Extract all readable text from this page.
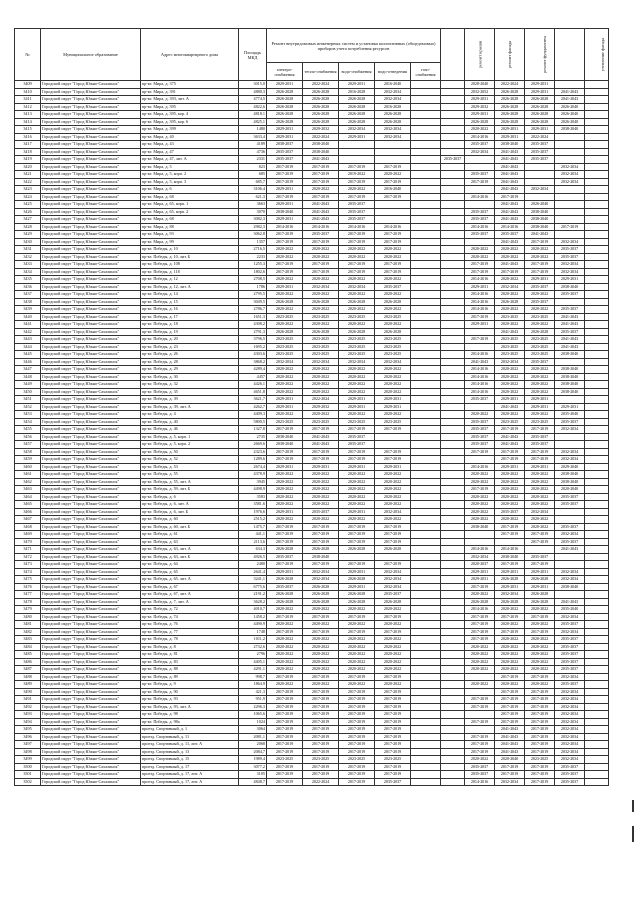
№	Муниципальное образование	Адрес многоквартирного дома	Площадь МКД	Ремонт внутридомовых инженерных систем и установка коллективных (общедомовых) приборов учета потребления ресурсов						ремонт крыши	ремонт фасада	ремонт фундамента		утепление фасада
				электро-снабжения	тепло-снабжения	водо-снабжения	водо-отведения	газо-снабжения						
3409	Городской округ "Город Южно-Сахалинск"	пр-кт. Мира, д. 375	3015,0	2029-2031	2022-2024	2029-2031	2016-2040			2028-2040	2022-2024	2029-2031		
3410	Городской округ "Город Южно-Сахалинск"	пр-кт. Мира, д. 391	4880,3	2026-2028	2026-2028	2016-2028	2032-2034			2032-2052	2026-2028	2029-2031	2041-2043	
3411	Городской округ "Город Южно-Сахалинск"	пр-кт. Мира, д. 393, лит. А	4774,5	2026-2028	2026-2028	2026-2028	2032-2034			2029-2031	2026-2028	2026-2028	2041-2043	
3412	Городской округ "Город Южно-Сахалинск"	пр-кт. Мира, д. 395	4822,6	2026-2028	2026-2028	2026-2028	2016-2028			2029-2032	2026-2028	2026-2028	2026-2040	
3413	Городской округ "Город Южно-Сахалинск"	пр-кт. Мира, д. 395, кор. 4	4818,1	2026-2028	2026-2028	2026-2028	2026-2028			2029-2031	2026-2028	2026-2028	2026-2040	
3414	Городской округ "Город Южно-Сахалинск"	пр-кт. Мира, д. 395, кор. 6	4825,1	2026-2028	2026-2028	2026-2028	2026-2028			2026-2028	2026-2028	2026-2028	2026-2040	
3415	Городской округ "Город Южно-Сахалинск"	пр-кт. Мира, д. 399	1480	2029-2031	2029-2032	2032-2034	2032-2034			2020-2022	2029-2031	2029-2031	2038-2040	
3416	Городской округ "Город Южно-Сахалинск"	пр-кт. Мира, д. 40	3633,4	2029-2031	2022-2024	2029-2031	2032-2034			2014-2016	2029-2031	2022-2024		
3417	Городской округ "Город Южно-Сахалинск"	пр-кт. Мира, д. 43	4189	2038-2037	2038-2040					2035-2037	2038-2040	2035-2037		
3418	Городской округ "Город Южно-Сахалинск"	пр-кт. Мира, д. 47	4736	2035-2037	2038-2040					2032-2034	2041-2043	2035-2037		
3419	Городской округ "Город Южно-Сахалинск"	пр-кт. Мира, д. 47, лит. А	2331	2035-2037	2041-2043				2035-2037		2041-2043	2035-2037		
3420	Городской округ "Город Южно-Сахалинск"	пр-кт. Мира, д. 5	823	2017-2019	2017-2019	2017-2019	2017-2019				2041-2043		2032-2034	
3421	Городской округ "Город Южно-Сахалинск"	пр-кт. Мира, д. 5, корп. 2	685	2017-2019	2017-2019	2019-2022	2020-2022			2035-2037	2041-2043		2032-2034	
3422	Городской округ "Город Южно-Сахалинск"	пр-кт. Мира, д. 5, корп. 3	685,7	2017-2019	2017-2019	2017-2019	2017-2019			2017-2019	2041-2043		2032-2034	
3423	Городской округ "Город Южно-Сахалинск"	пр-кт. Мира, д. 6	3106,4	2029-2031	2020-2022	2020-2022	2016-2040				2041-2043	2032-2034		
3424	Городской округ "Город Южно-Сахалинск"	пр-кт. Мира, д. 68	621,3	2017-2019	2017-2019	2017-2019	2017-2019			2014-2016	2017-2019			
3425	Городской округ "Город Южно-Сахалинск"	пр-кт. Мира, д. 65, корп. 1	3663	2029-2031	2041-2043	2035-2037					2041-2043	2026-2040		
3426	Городской округ "Город Южно-Сахалинск"	пр-кт. Мира, д. 65, корп. 2	3070	2038-2040	2041-2043	2035-2037				2035-2037	2041-2043	2038-2040		
3427	Городской округ "Город Южно-Сахалинск"	пр-кт. Мира, д. 68	3082,3	2029-2031	2041-2043	2035-2037				2035-2037	2041-2043	2038-2040		
3428	Городской округ "Город Южно-Сахалинск"	пр-кт. Мира, д. 88	2982,3	2014-2016	2014-2016	2014-2016	2014-2016			2014-2016	2014-2016	2038-2040	2017-2019	
3429	Городской округ "Город Южно-Сахалинск"	пр-кт. Мира, д. 93	3062,8	2017-2019	2035-2037	2017-2019	2017-2019			2035-2037	2035-2037	2041-2043		
3430	Городской округ "Город Южно-Сахалинск"	пр-кт. Мира, д. 99	1357	2017-2019	2017-2019	2017-2019	2017-2019				2041-2043	2017-2019	2032-2034	
3431	Городской округ "Город Южно-Сахалинск"	пр-кт. Победы, д. 10	2716,5	2020-2022	2020-2022	2020-2022	2020-2022			2020-2022	2020-2022	2020-2022	2035-2037	
3432	Городской округ "Город Южно-Сахалинск"	пр-кт. Победы, д. 10, лит. Б	2233	2020-2022	2020-2022	2020-2022	2020-2022			2020-2022	2020-2022	2020-2022	2035-2037	
3433	Городской округ "Город Южно-Сахалинск"	пр-кт. Победы, д. 108	1255,3	2017-2019	2017-2019	2017-2019	2017-2019			2017-2019	2041-2043	2017-2019	2032-2034	
3434	Городской округ "Город Южно-Сахалинск"	пр-кт. Победы, д. 118	1802,6	2017-2019	2017-2019	2017-2019	2017-2019			2017-2019	2017-2019	2017-2019	2032-2034	
3435	Городской округ "Город Южно-Сахалинск"	пр-кт. Победы, д. 12	2708,5	2020-2022	2020-2022	2020-2022	2020-2022			2014-2016	2020-2022	2029-2031	2029-2031	
3436	Городской округ "Город Южно-Сахалинск"	пр-кт. Победы, д. 12, лит. А	1786	2029-2031	2032-2034	2032-2034	2035-2037			2029-2031	2032-2034	2035-2037	2038-2040	
3437	Городской округ "Город Южно-Сахалинск"	пр-кт. Победы, д. 14	2795,5	2020-2022	2020-2022	2020-2022	2020-2022			2014-2016	2020-2022	2020-2022	2035-2037	
3438	Городской округ "Город Южно-Сахалинск"	пр-кт. Победы, д. 15	3049,5	2026-2028	2026-2028	2026-2028	2026-2028			2014-2016	2026-2028	2035-2037		
3439	Городской округ "Город Южно-Сахалинск"	пр-кт. Победы, д. 16	2786,7	2020-2022	2020-2022	2020-2022	2020-2022			2014-2016	2020-2022	2020-2022	2035-2037	
3440	Городской округ "Город Южно-Сахалинск"	пр-кт. Победы, д. 17	1651,3	2023-2025	2023-2025	2023-2025	2023-2025			2017-2019	2023-2025	2023-2025	2041-2043	
3441	Городской округ "Город Южно-Сахалинск"	пр-кт. Победы, д. 18	4308,2	2020-2022	2020-2022	2020-2022	2020-2022			2029-2031	2020-2022	2020-2022	2041-2043	
3442	Городской округ "Город Южно-Сахалинск"	пр-кт. Победы, д. 19	2791,3	2026-2028	2026-2028	2026-2028	2026-2028				2041-2043	2026-2028	2035-2037	
3443	Городской округ "Город Южно-Сахалинск"	пр-кт. Победы, д. 20	3796,5	2023-2025	2023-2025	2023-2025	2023-2025			2017-2019	2023-2025	2023-2025	2041-2043	
3444	Городской округ "Город Южно-Сахалинск"	пр-кт. Победы, д. 23	1695,2	2023-2025	2023-2025	2023-2025	2023-2025				2023-2025	2023-2025	2041-2043	
3445	Городской округ "Город Южно-Сахалинск"	пр-кт. Победы, д. 26	4303,6	2023-2025	2023-2025	2023-2025	2023-2025			2014-2016	2023-2025	2023-2025	2038-2040	
3446	Городской округ "Город Южно-Сахалинск"	пр-кт. Победы, д. 28	3868,2	2032-2034	2032-2034	2032-2034	2032-2034			2041-2043	2032-2034	2035-2037		
3447	Городской округ "Город Южно-Сахалинск"	пр-кт. Победы, д. 29	4289,4	2020-2022	2020-2022	2020-2022	2020-2022			2014-2016	2020-2022	2020-2022	2038-2040	
3448	Городской округ "Город Южно-Сахалинск"	пр-кт. Победы, д. 30	4457	2020-2022	2020-2022	2020-2022	2020-2022			2014-2016	2020-2022	2020-2022	2038-2040	
3449	Городской округ "Город Южно-Сахалинск"	пр-кт. Победы, д. 32	4426,1	2020-2022	2020-2022	2020-2022	2020-2022			2014-2016	2020-2022	2020-2022	2038-2040	
3450	Городской округ "Город Южно-Сахалинск"	пр-кт. Победы, д. 35	4651,8	2020-2022	2020-2022	2020-2022	2020-2022			2014-2016	2020-2022	2020-2022	2038-2040	
3451	Городской округ "Город Южно-Сахалинск"	пр-кт. Победы, д. 39	3621,7	2029-2031	2022-2024	2029-2031	2029-2031			2035-2037	2029-2031	2029-2031		
3452	Городской округ "Город Южно-Сахалинск"	пр-кт. Победы, д. 39, лит. А	4262,7	2029-2031	2029-2032	2029-2031	2029-2031				2041-2043	2029-2031	2029-2031	
3453	Городской округ "Город Южно-Сахалинск"	пр-кт. Победы, д. 4	4409,3	2020-2022	2020-2022	2020-2022	2020-2022			2020-2022	2020-2022	2020-2022	2035-2040	
3454	Городской округ "Город Южно-Сахалинск"	пр-кт. Победы, д. 40	5800,5	2023-2025	2023-2025	2023-2025	2023-2025			2035-2037	2023-2025	2023-2025	2035-2037	
3455	Городской округ "Город Южно-Сахалинск"	пр-кт. Победы, д. 46	1327,8	2017-2019	2017-2019	2017-2019	2017-2019			2035-2037	2017-2019	2017-2019	2032-2034	
3456	Городской округ "Город Южно-Сахалинск"	пр-кт. Победы, д. 5, корп. 1	2735	2038-2040	2041-2043	2035-2037				2035-2037	2041-2043	2035-2037		
3457	Городской округ "Город Южно-Сахалинск"	пр-кт. Победы, д. 5, корп. 2	2669,6	2038-2040	2041-2043	2035-2037				2035-2037	2041-2043	2035-2037		
3458	Городской округ "Город Южно-Сахалинск"	пр-кт. Победы, д. 50	2323,6	2017-2019	2017-2019	2017-2019	2017-2019			2017-2019	2017-2019	2017-2019	2032-2034	
3459	Городской округ "Город Южно-Сахалинск"	пр-кт. Победы, д. 52	1289,6	2017-2019	2017-2019	2017-2019	2017-2019				2017-2019	2017-2019	2032-2034	
3460	Городской округ "Город Южно-Сахалинск"	пр-кт. Победы, д. 53	2674,4	2029-2031	2029-2031	2029-2031	2029-2031			2014-2016	2029-2031	2029-2031	2029-2040	
3461	Городской округ "Город Южно-Сахалинск"	пр-кт. Победы, д. 55	4378,9	2020-2022	2020-2022	2020-2022	2020-2022			2020-2022	2020-2022	2020-2022	2038-2040	
3462	Городской округ "Город Южно-Сахалинск"	пр-кт. Победы, д. 55, лит. А	3945	2020-2022	2020-2022	2020-2022	2020-2022			2020-2022	2020-2022	2020-2022	2038-2040	
3463	Городской округ "Город Южно-Сахалинск"	пр-кт. Победы, д. 59, лит. Б	4498,9	2020-2022	2020-2022	2020-2022	2020-2022			2017-2019	2020-2022	2020-2022	2020-2040	
3464	Городской округ "Город Южно-Сахалинск"	пр-кт. Победы, д. 6	3583	2020-2022	2020-2022	2020-2022	2020-2022			2020-2022	2020-2022	2020-2022	2035-2037	
3465	Городской округ "Город Южно-Сахалинск"	пр-кт. Победы, д. 6, лит. А	3581,6	2020-2022	2020-2022	2020-2022	2020-2022			2020-2022	2020-2022	2020-2022	2035-2037	
3466	Городской округ "Город Южно-Сахалинск"	пр-кт. Победы, д. 6, лит. Б	1976,6	2029-2031	2035-2037	2029-2031	2032-2034			2020-2022	2035-2037	2032-2034		
3467	Городской округ "Город Южно-Сахалинск"	пр-кт. Победы, д. 60	2515,2	2020-2022	2020-2022	2020-2022	2020-2022			2020-2022	2020-2022	2020-2022		
3468	Городской округ "Город Южно-Сахалинск"	пр-кт. Победы, д. 60, лит. Б	1475,7	2017-2019	2017-2019	2017-2019	2017-2019			2038-2040	2017-2019	2020-2022	2035-2037	
3469	Городской округ "Город Южно-Сахалинск"	пр-кт. Победы, д. 61	441,1	2017-2019	2017-2019	2017-2019	2017-2019				2017-2019	2017-2019	2032-2034	
3470	Городской округ "Город Южно-Сахалинск"	пр-кт. Победы, д. 63	2113,6	2017-2019	2017-2019	2017-2019	2017-2019					2017-2019	2035-2037	
3471	Городской округ "Город Южно-Сахалинск"	пр-кт. Победы, д. 63, лит. А	634,3	2026-2028	2026-2028	2026-2028	2026-2028			2014-2016	2014-2016		2041-2043	
3472	Городской округ "Город Южно-Сахалинск"	пр-кт. Победы, д. 63, лит. Б	4926,5	2035-2037	2038-2040					2032-2034	2038-2040	2035-2037		
3473	Городской округ "Город Южно-Сахалинск"	пр-кт. Победы, д. 64	2480	2017-2019	2017-2019	2017-2019	2017-2019			2020-2037	2017-2019	2017-2019		
3474	Городской округ "Город Южно-Сахалинск"	пр-кт. Победы, д. 65	2641,4	2029-2031	2032-2034	2029-2031	2032-2034			2029-2031	2029-2031	2029-2031	2032-2034	
3475	Городской округ "Город Южно-Сахалинск"	пр-кт. Победы, д. 65, лит. А	3241,1	2026-2028	2032-2034	2026-2028	2032-2034			2029-2031	2026-2028	2026-2028	2032-2034	
3476	Городской округ "Город Южно-Сахалинск"	пр-кт. Победы, д. 67	6775,6	2035-2037	2026-2028	2029-2031	2032-2034			2017-2019	2029-2031	2029-2031	2038-2040	
3477	Городской округ "Город Южно-Сахалинск"	пр-кт. Победы, д. 67, лит. А	2191,2	2026-2028	2026-2028	2026-2028	2035-2037			2020-2022	2032-2034	2026-2028		
3478	Городской округ "Город Южно-Сахалинск"	пр-кт. Победы, д. 7, лит. А	3628,2	2026-2028	2026-2028	2026-2028	2026-2028			2026-2028	2026-2028	2026-2028	2041-2043	
3479	Городской округ "Город Южно-Сахалинск"	пр-кт. Победы, д. 72	4010,7	2020-2022	2020-2022	2020-2022	2020-2022			2014-2016	2020-2022	2020-2022	2035-2040	
3480	Городской округ "Город Южно-Сахалинск"	пр-кт. Победы, д. 74	1458,2	2017-2019	2017-2019	2017-2019	2017-2019			2017-2019	2017-2019	2017-2019	2032-2034	
3481	Городской округ "Город Южно-Сахалинск"	пр-кт. Победы, д. 76	4490,9	2020-2022	2020-2022	2020-2022	2020-2022			2017-2019	2020-2022	2020-2022	2035-2037	
3482	Городской округ "Город Южно-Сахалинск"	пр-кт. Победы, д. 77	1748	2017-2019	2017-2019	2017-2019	2017-2019			2017-2019	2017-2019	2017-2019	2032-2034	
3483	Городской округ "Город Южно-Сахалинск"	пр-кт. Победы, д. 78	1011,2	2020-2022	2020-2022	2020-2022	2020-2022			2017-2019	2020-2022	2020-2022	2035-2037	
3484	Городской округ "Город Южно-Сахалинск"	пр-кт. Победы, д. 8	2732,6	2020-2022	2020-2022	2020-2022	2020-2022			2020-2022	2020-2022	2020-2022	2035-2037	
3485	Городской округ "Город Южно-Сахалинск"	пр-кт. Победы, д. 81	2796	2020-2022	2020-2022	2020-2022	2020-2022			2020-2022	2020-2022	2020-2022	2035-2037	
3486	Городской округ "Город Южно-Сахалинск"	пр-кт. Победы, д. 83	4405,1	2020-2022	2020-2022	2020-2022	2020-2022			2020-2022	2020-2022	2020-2022	2035-2037	
3487	Городской округ "Город Южно-Сахалинск"	пр-кт. Победы, д. 88	4291,1	2020-2022	2020-2022	2020-2022	2020-2022			2020-2022	2020-2022	2020-2022	2035-2037	
3488	Городской округ "Город Южно-Сахалинск"	пр-кт. Победы, д. 89	998,7	2017-2019	2017-2019	2017-2019	2017-2019				2017-2019	2017-2019	2032-2034	
3489	Городской округ "Город Южно-Сахалинск"	пр-кт. Победы, д. 9	1864,9	2020-2022	2020-2022	2020-2022	2020-2022			2020-2022	2020-2022	2020-2022	2035-2037	
3490	Городской округ "Город Южно-Сахалинск"	пр-кт. Победы, д. 90	421,3	2017-2019	2017-2019	2017-2019	2017-2019				2017-2019	2017-2019	2032-2034	
3491	Городской округ "Город Южно-Сахалинск"	пр-кт. Победы, д. 93	951,9	2017-2019	2017-2019	2017-2019	2017-2019			2017-2019	2017-2019	2017-2019	2032-2034	
3492	Городской округ "Город Южно-Сахалинск"	пр-кт. Победы, д. 93, лит. А	2296,3	2017-2019	2017-2019	2017-2019	2017-2019			2017-2019	2017-2019	2017-2019	2032-2034	
3493	Городской округ "Город Южно-Сахалинск"	пр-кт. Победы, д. 98	1065,6	2017-2019	2017-2019	2017-2019	2017-2019				2017-2019	2017-2019	2032-2034	
3494	Городской округ "Город Южно-Сахалинск"	пр-кт. Победы, д. 98а	1024	2017-2019	2017-2019	2017-2019	2017-2019			2017-2019	2017-2019	2017-2019	2032-2034	
3495	Городской округ "Город Южно-Сахалинск"	проезд. Спортивный, д. 1	3064	2017-2019	2017-2019	2017-2019	2017-2019				2041-2043	2017-2019	2032-2034	
3496	Городской округ "Город Южно-Сахалинск"	проезд. Спортивный, д. 11	2081,1	2017-2019	2017-2019	2017-2019	2017-2019			2017-2019	2041-2043	2017-2019	2032-2034	
3497	Городской округ "Город Южно-Сахалинск"	проезд. Спортивный, д. 11, лит. А	2068	2017-2019	2017-2019	2017-2019	2017-2019			2017-2019	2041-2043	2017-2019	2032-2034	
3498	Городской округ "Город Южно-Сахалинск"	проезд. Спортивный, д. 13	2084,7	2017-2019	2017-2019	2017-2019	2017-2019			2017-2019	2041-2043	2017-2019	2032-2034	
3499	Городской округ "Город Южно-Сахалинск"	проезд. Спортивный, д. 15	1989,4	2023-2025	2023-2025	2023-2025	2023-2025			2020-2022	2020-2040	2023-2025	2032-2034	
3500	Городской округ "Город Южно-Сахалинск"	проезд. Спортивный, д. 17	3077,2	2017-2019	2017-2019	2017-2019	2017-2019			2035-2037	2017-2019	2017-2019	2035-2037	
3501	Городской округ "Город Южно-Сахалинск"	проезд. Спортивный, д. 17, лит. А	3105	2017-2019	2017-2019	2017-2019	2017-2019			2035-2037	2017-2019	2017-2019	2035-2037	
3502	Городской округ "Город Южно-Сахалинск"	проезд. Спортивный, д. 17, лит. А	4848,7	2017-2019	2022-2024	2017-2019	2035-2037			2014-2016	2032-2034	2017-2019	2035-2037	
